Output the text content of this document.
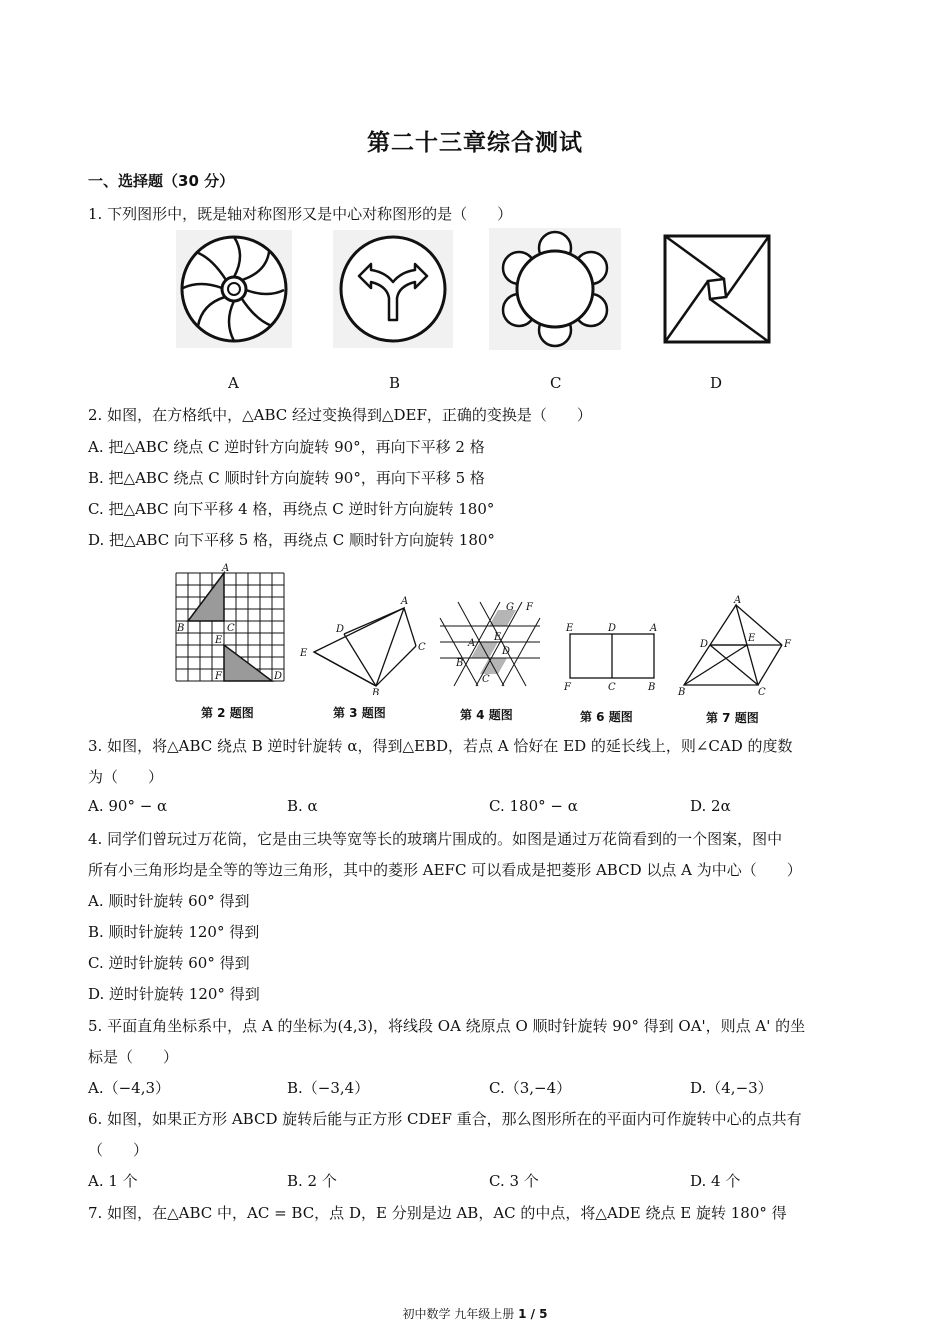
第二十三章综合测试
一、选择题（30 分）
1. 下列图形中，既是轴对称图形又是中心对称图形的是（　　）
A	B	C	D
2. 如图，在方格纸中，△ABC 经过变换得到△DEF，正确的变换是（　　）
A. 把△ABC 绕点 C 逆时针方向旋转 90°，再向下平移 2 格
B. 把△ABC 绕点 C 顺时针方向旋转 90°，再向下平移 5 格
C. 把△ABC 向下平移 4 格，再绕点 C 逆时针方向旋转 180°
D. 把△ABC 向下平移 5 格，再绕点 C 顺时针方向旋转 180°
A
B	C
E
F	D
A
D
E
C
B
G F
E
A
D
B
C
E	D	A
F	C	B
A
D
E
F
B	C
第 2 题图	第 3 题图	第 4 题图	第 6 题图	第 7 题图
3. 如图，将△ABC 绕点 B 逆时针旋转 α，得到△EBD，若点 A 恰好在 ED 的延长线上，则∠CAD 的度数
为（　　）
A. 90° − α	B. α	C. 180° − α	D. 2α
4. 同学们曾玩过万花筒，它是由三块等宽等长的玻璃片围成的。如图是通过万花筒看到的一个图案，图中
所有小三角形均是全等的等边三角形，其中的菱形 AEFC 可以看成是把菱形 ABCD 以点 A 为中心（　　）
A. 顺时针旋转 60° 得到
B. 顺时针旋转 120° 得到
C. 逆时针旋转 60° 得到
D. 逆时针旋转 120° 得到
5. 平面直角坐标系中，点 A 的坐标为(4,3)，将线段 OA 绕原点 O 顺时针旋转 90° 得到 OA'，则点 A' 的坐
标是（　　）
A.（−4,3）	B.（−3,4）	C.（3,−4）	D.（4,−3）
6. 如图，如果正方形 ABCD 旋转后能与正方形 CDEF 重合，那么图形所在的平面内可作旋转中心的点共有
（　　）
A. 1 个	B. 2 个	C. 3 个	D. 4 个
7. 如图，在△ABC 中，AC = BC，点 D，E 分别是边 AB，AC 的中点，将△ADE 绕点 E 旋转 180° 得
初中数学 九年级上册 1 / 5
